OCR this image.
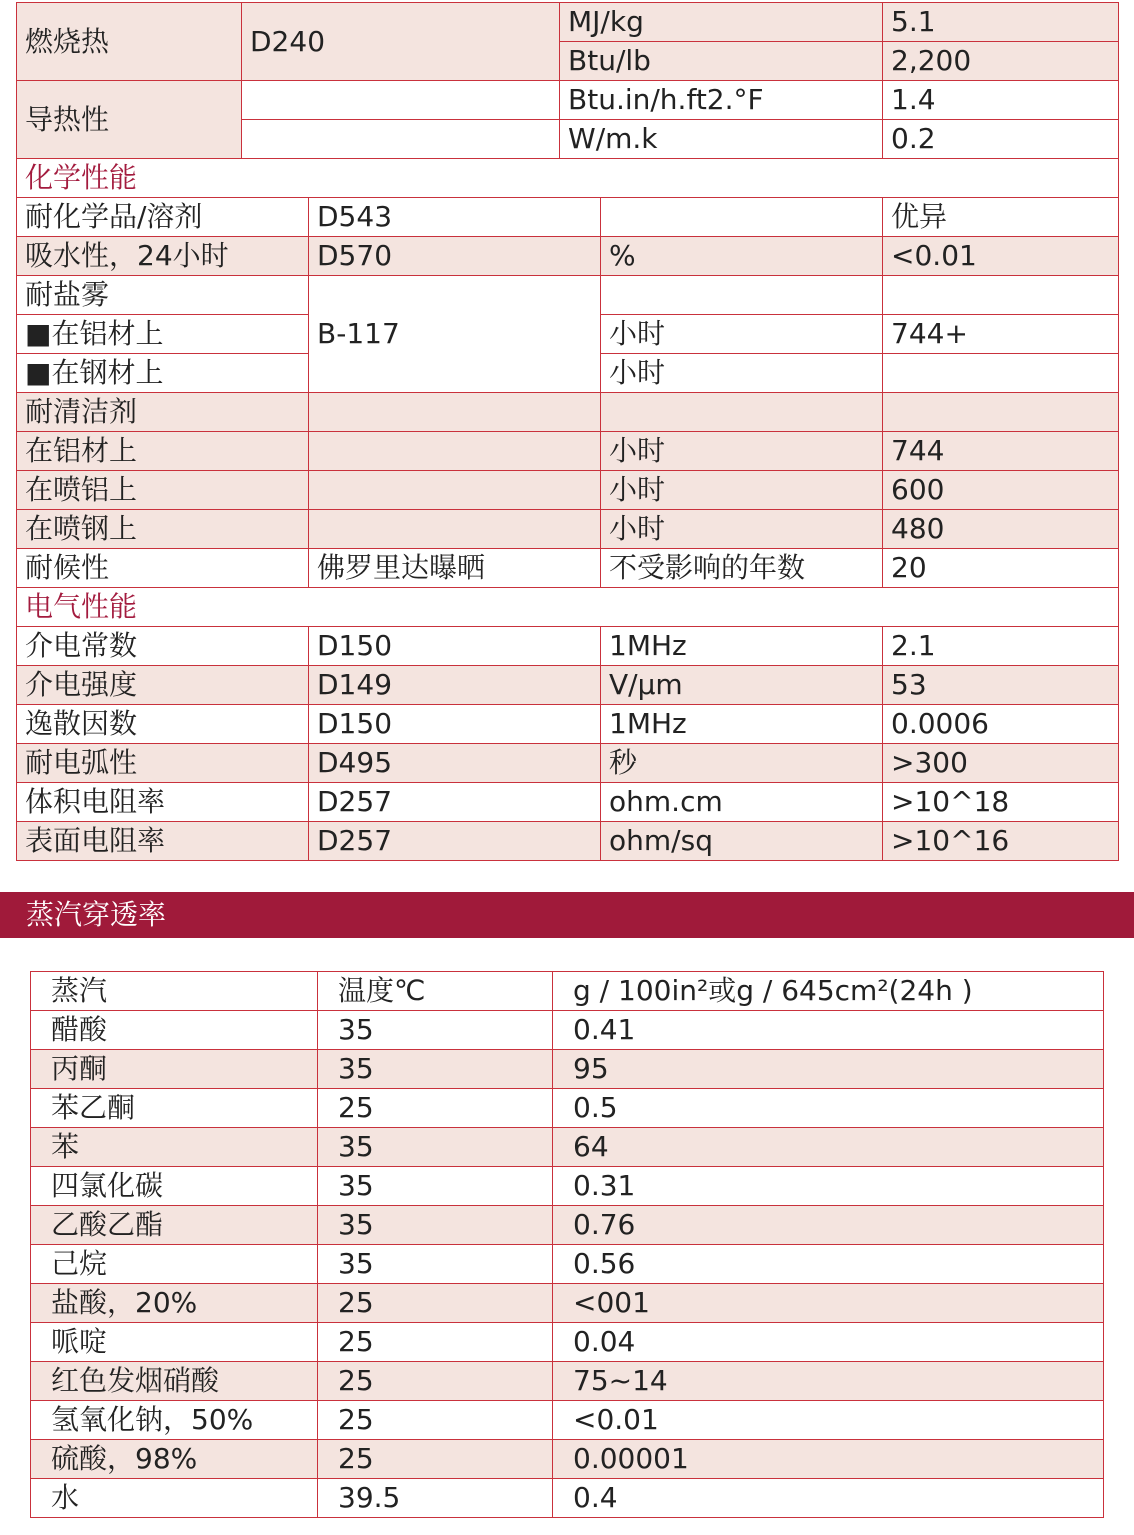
燃烧热	D240		MJ/kg		5.1
			Btu/lb		2,200
导热性			Btu.in/h.ft2.°F		1.4
			W/m.k		0.2
化学性能					
耐化学品/溶剂		D543			优异
吸水性，24小时		D570		%	<0.01
耐盐雾		B-117			
■在铝材上				小时	744+
■在钢材上				小时	
耐清洁剂					
在铝材上				小时	744
在喷铝上				小时	600
在喷钢上				小时	480
耐候性		佛罗里达曝晒		不受影响的年数	20
电气性能					
介电常数		D150		1MHz	2.1
介电强度		D149		V/μm	53
逸散因数		D150		1MHz	0.0006
耐电弧性		D495		秒	>300
体积电阻率		D257		ohm.cm	>10^18
表面电阻率		D257		ohm/sq	>10^16
蒸汽穿透率
蒸汽	温度℃	g / 100in²或g / 645cm²(24h )
醋酸	35	0.41
丙酮	35	95
苯乙酮	25	0.5
苯	35	64
四氯化碳	35	0.31
乙酸乙酯	35	0.76
己烷	35	0.56
盐酸，20%	25	<001
哌啶	25	0.04
红色发烟硝酸	25	75~14
氢氧化钠，50%	25	<0.01
硫酸，98%	25	0.00001
水	39.5	0.4
